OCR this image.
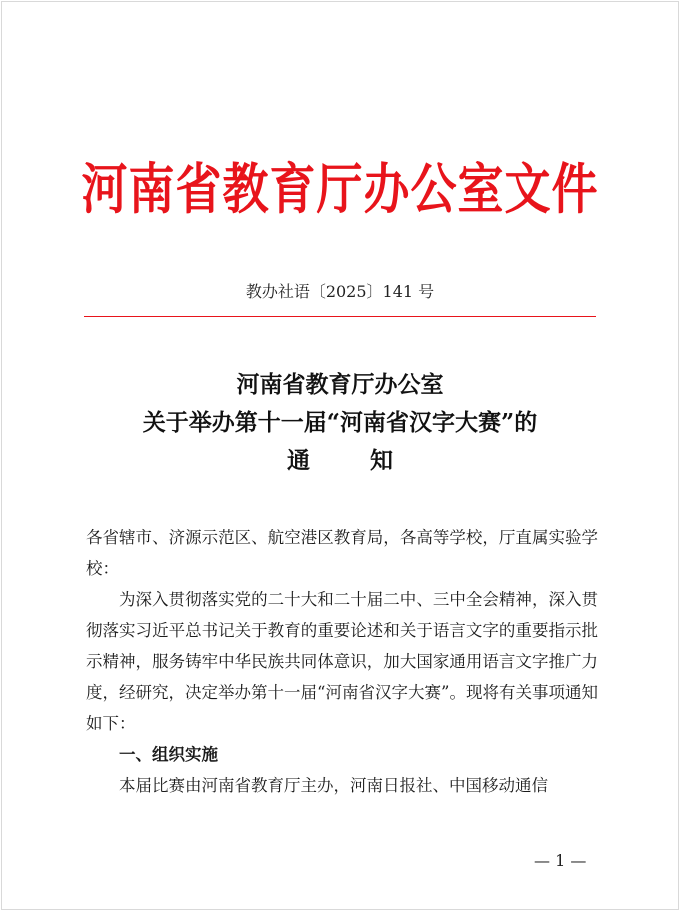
河南省教育厅办公室文件
教办社语〔2025〕141 号
河南省教育厅办公室
关于举办第十一届“河南省汉字大赛”的
通知

各省辖市、济源示范区、航空港区教育局，各高等学校，厅直属实验学校：

为深入贯彻落实党的二十大和二十届二中、三中全会精神，深入贯彻落实习近平总书记关于教育的重要论述和关于语言文字的重要指示批示精神，服务铸牢中华民族共同体意识，加大国家通用语言文字推广力度，经研究，决定举办第十一届“河南省汉字大赛”。现将有关事项通知如下：

一、组织实施

本届比赛由河南省教育厅主办，河南日报社、中国移动通信

— 1 —
